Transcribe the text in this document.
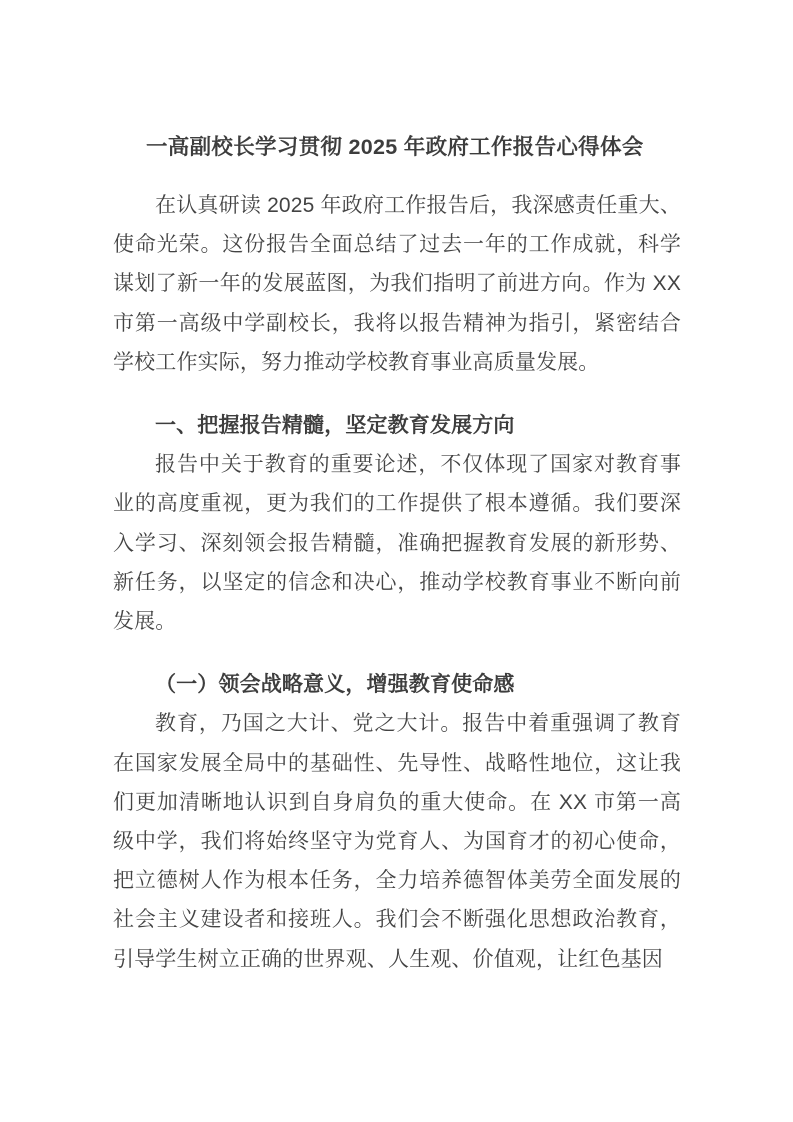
一高副校长学习贯彻 2025 年政府工作报告心得体会

在认真研读 2025 年政府工作报告后，我深感责任重大、使命光荣。这份报告全面总结了过去一年的工作成就，科学谋划了新一年的发展蓝图，为我们指明了前进方向。作为 XX 市第一高级中学副校长，我将以报告精神为指引，紧密结合学校工作实际，努力推动学校教育事业高质量发展。

一、把握报告精髓，坚定教育发展方向

报告中关于教育的重要论述，不仅体现了国家对教育事业的高度重视，更为我们的工作提供了根本遵循。我们要深入学习、深刻领会报告精髓，准确把握教育发展的新形势、新任务，以坚定的信念和决心，推动学校教育事业不断向前发展。

（一）领会战略意义，增强教育使命感

教育，乃国之大计、党之大计。报告中着重强调了教育在国家发展全局中的基础性、先导性、战略性地位，这让我们更加清晰地认识到自身肩负的重大使命。在 XX 市第一高级中学，我们将始终坚守为党育人、为国育才的初心使命，把立德树人作为根本任务，全力培养德智体美劳全面发展的社会主义建设者和接班人。我们会不断强化思想政治教育，引导学生树立正确的世界观、人生观、价值观，让红色基因
